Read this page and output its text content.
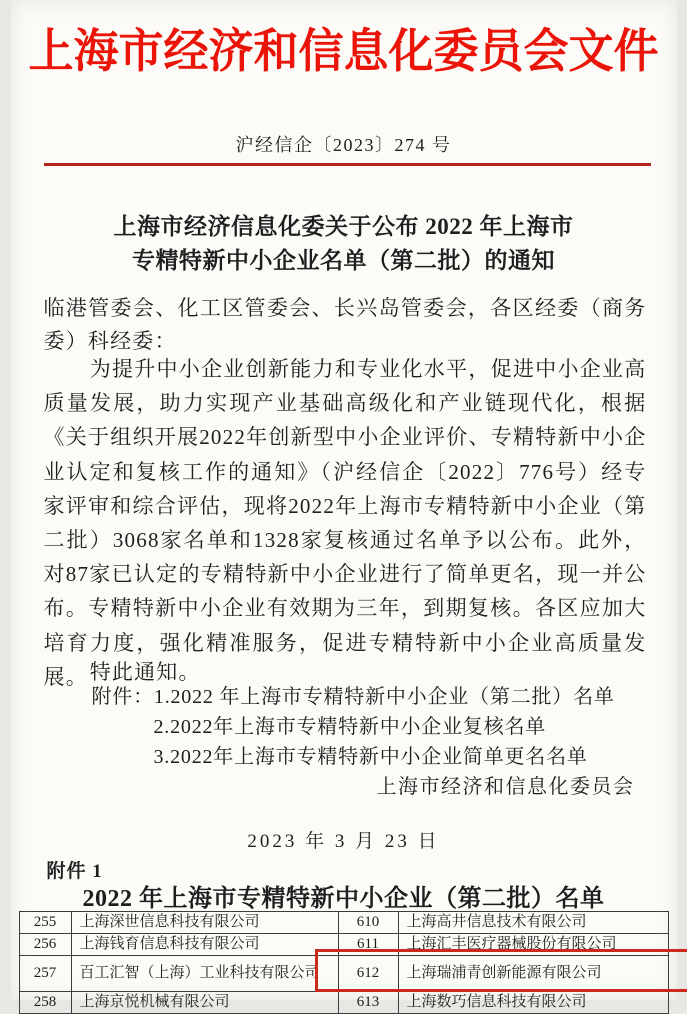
上海市经济和信息化委员会文件
沪经信企〔2023〕274 号
上海市经济信息化委关于公布 2022 年上海市
专精特新中小企业名单（第二批）的通知
临港管委会、化工区管委会、长兴岛管委会，各区经委（商务委）科经委：
为提升中小企业创新能力和专业化水平，促进中小企业高质量发展，助力实现产业基础高级化和产业链现代化，根据《关于组织开展2022年创新型中小企业评价、专精特新中小企业认定和复核工作的通知》（沪经信企〔2022〕776号）经专家评审和综合评估，现将2022年上海市专精特新中小企业（第二批）3068家名单和1328家复核通过名单予以公布。此外，对87家已认定的专精特新中小企业进行了简单更名，现一并公布。专精特新中小企业有效期为三年，到期复核。各区应加大培育力度，强化精准服务，促进专精特新中小企业高质量发展。 特此通知。
附件：1.2022 年上海市专精特新中小企业（第二批）名单
2.2022年上海市专精特新中小企业复核名单
3.2022年上海市专精特新中小企业简单更名名单
上海市经济和信息化委员会
2023 年 3 月 23 日
附件 1
2022 年上海市专精特新中小企业（第二批）名单
255	上海深世信息科技有限公司	610	上海高井信息技术有限公司
256	上海钱育信息科技有限公司	611	上海汇丰医疗器械股份有限公司
257	百工汇智（上海）工业科技有限公司	612	上海瑞浦青创新能源有限公司
258	上海京悦机械有限公司	613	上海数巧信息科技有限公司
